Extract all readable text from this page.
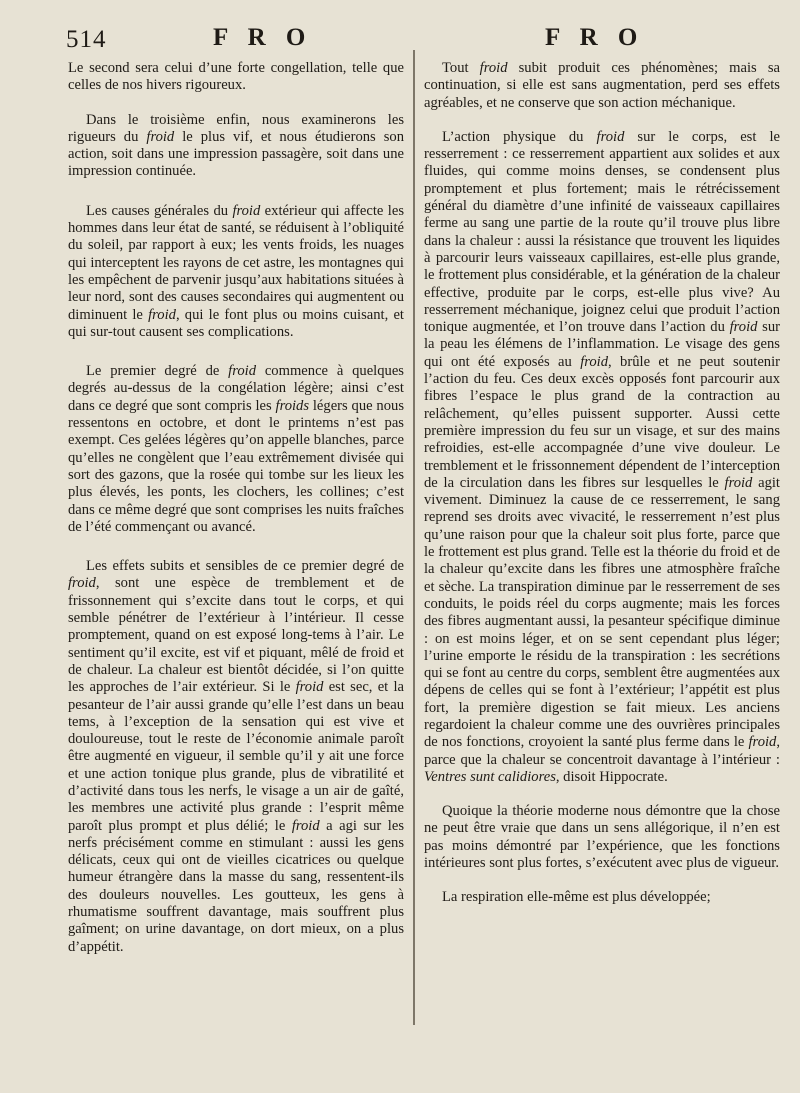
514	F R O	F R O

Le second sera celui d’une forte congellation, telle que celles de nos hivers rigoureux.

Dans le troisième enfin, nous examinerons les rigueurs du froid le plus vif, et nous étudierons son action, soit dans une impression passagère, soit dans une impression continuée.

Les causes générales du froid extérieur qui affecte les hommes dans leur état de santé, se réduisent à l’obliquité du soleil, par rapport à eux; les vents froids, les nuages qui interceptent les rayons de cet astre, les montagnes qui les empêchent de parvenir jusqu’aux habitations situées à leur nord, sont des causes secondaires qui augmentent ou diminuent le froid, qui le font plus ou moins cuisant, et qui sur-tout causent ses complications.

Le premier degré de froid commence à quelques degrés au-dessus de la congélation légère; ainsi c’est dans ce degré que sont compris les froids légers que nous ressentons en octobre, et dont le printems n’est pas exempt. Ces gelées légères qu’on appelle blanches, parce qu’elles ne congèlent que l’eau extrêmement divisée qui sort des gazons, que la rosée qui tombe sur les lieux les plus élevés, les ponts, les clochers, les collines; c’est dans ce même degré que sont comprises les nuits fraîches de l’été commençant ou avancé.

Les effets subits et sensibles de ce premier degré de froid, sont une espèce de tremblement et de frissonnement qui s’excite dans tout le corps, et qui semble pénétrer de l’extérieur à l’intérieur. Il cesse promptement, quand on est exposé long-tems à l’air. Le sentiment qu’il excite, est vif et piquant, mêlé de froid et de chaleur. La chaleur est bientôt décidée, si l’on quitte les approches de l’air extérieur. Si le froid est sec, et la pesanteur de l’air aussi grande qu’elle l’est dans un beau tems, à l’exception de la sensation qui est vive et douloureuse, tout le reste de l’économie animale paroît être augmenté en vigueur, il semble qu’il y ait une force et une action tonique plus grande, plus de vibratilité et d’activité dans tous les nerfs, le visage a un air de gaîté, les membres une activité plus grande : l’esprit même paroît plus prompt et plus délié; le froid a agi sur les nerfs précisément comme en stimulant : aussi les gens délicats, ceux qui ont de vieilles cicatrices ou quelque humeur étrangère dans la masse du sang, ressentent-ils des douleurs nouvelles. Les goutteux, les gens à rhumatisme souffrent davantage, mais souffrent plus gaîment; on urine davantage, on dort mieux, on a plus d’appétit.

Tout froid subit produit ces phénomènes; mais sa continuation, si elle est sans augmentation, perd ses effets agréables, et ne conserve que son action méchanique.

L’action physique du froid sur le corps, est le resserrement : ce resserrement appartient aux solides et aux fluides, qui comme moins denses, se condensent plus promptement et plus fortement; mais le rétrécissement général du diamètre d’une infinité de vaisseaux capillaires ferme au sang une partie de la route qu’il trouve plus libre dans la chaleur : aussi la résistance que trouvent les liquides à parcourir leurs vaisseaux capillaires, est-elle plus grande, le frottement plus considérable, et la génération de la chaleur effective, produite par le corps, est-elle plus vive? Au resserrement méchanique, joignez celui que produit l’action tonique augmentée, et l’on trouve dans l’action du froid sur la peau les élémens de l’inflammation. Le visage des gens qui ont été exposés au froid, brûle et ne peut soutenir l’action du feu. Ces deux excès opposés font parcourir aux fibres l’espace le plus grand de la contraction au relâchement, qu’elles puissent supporter. Aussi cette première impression du feu sur un visage, et sur des mains refroidies, est-elle accompagnée d’une vive douleur. Le tremblement et le frissonnement dépendent de l’interception de la circulation dans les fibres sur lesquelles le froid agit vivement. Diminuez la cause de ce resserrement, le sang reprend ses droits avec vivacité, le resserrement n’est plus qu’une raison pour que la chaleur soit plus forte, parce que le frottement est plus grand. Telle est la théorie du froid et de la chaleur qu’excite dans les fibres une atmosphère fraîche et sèche. La transpiration diminue par le resserrement de ses conduits, le poids réel du corps augmente; mais les forces des fibres augmentant aussi, la pesanteur spécifique diminue : on est moins léger, et on se sent cependant plus léger; l’urine emporte le résidu de la transpiration : les secrétions qui se font au centre du corps, semblent être augmentées aux dépens de celles qui se font à l’extérieur; l’appétit est plus fort, la première digestion se fait mieux. Les anciens regardoient la chaleur comme une des ouvrières principales de nos fonctions, croyoient la santé plus ferme dans le froid, parce que la chaleur se concentroit davantage à l’intérieur : Ventres sunt calidiores, disoit Hippocrate.

Quoique la théorie moderne nous démontre que la chose ne peut être vraie que dans un sens allégorique, il n’en est pas moins démontré par l’expérience, que les fonctions intérieures sont plus fortes, s’exécutent avec plus de vigueur.

La respiration elle-même est plus développée;
